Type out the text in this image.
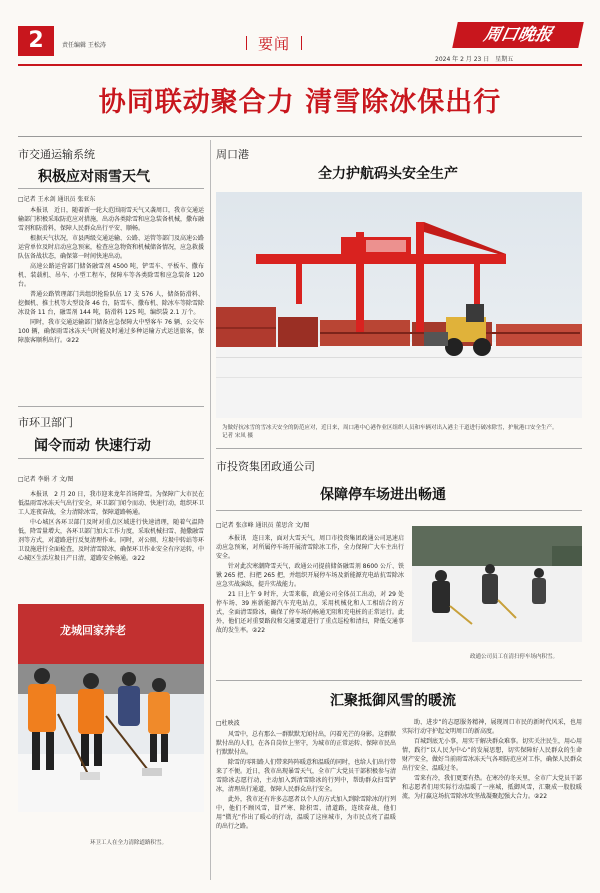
2	责任编辑 王松涛	要闻	周口晚报
2024 年 2 月 23 日　星期五
协同联动聚合力 清雪除冰保出行
市交通运输系统
积极应对雨雪天气
□记者 王永剑 通讯员 张亚东

本报讯　近日，随着新一轮大范围雨雪天气又袭周口，我市交通运输部门积极采取防范应对措施，出动各类除雪和应急装备机械，撒布融雪剂和防滑料，保障人民群众出行平安、顺畅。

根据天气状况，市县两级交通运输、公路、运管等部门及高速公路运营单位及时启动应急预案，检查应急物资和机械储备情况，应急救援队伍备战状态，确保第一时间快速出动。

高速公路运营部门储备融雪剂 4500 吨，铲雪车、平板车、撒布机、装载机、吊车、小型工程车，保障车等各类除雪和应急装备 120 台。

普通公路管理部门共组织抢险队伍 17 支 576 人，储备防滑料、挖掘机、推土机等大型设备 46 台，防雪车、撒布机、除冰车等除雪除冰设备 11 台，融雪剂 144 吨，防滑料 125 吨，编织袋 2.1 万个。

同时，我市交通运输部门储备应急保障大中型客车 76 辆、公交车 100 辆，确保雨雪冰冻天气时能及时通过多种运输方式运送旅客，保障旅客顺利出行。②22

周口港
全力护航码头安全生产
为做好抗冰雪的雪冰天安全的防范应对，近日来，周口港中心港作业区组织人员和车辆对出入港主干道进行破冰除雪，护航港口安全生产。　　　　记者 宋凤 摄
市环卫部门
闻令而动 快速行动
□记者 李娟 才 文/图

本报讯　2 月 20 日，我市迎来龙年首场降雪。为保障广大市民在低温雨雪冰冻天气出行安全，环卫部门闻令而动、快速行动，组织环卫工人连夜奋战，全力清除冰雪，保障道路畅通。

中心城区各环卫部门及时对重点区域进行快速清理，随着气温降低，降雪量增大，各环卫部门加大工作力度，采取机械扫雪、抛撒融雪剂等方式，对道路进行反复清理作业。同时，对公厕、垃圾中转站等环卫设施进行全面检查，及时清雪除冰，确保环卫作业安全有序运转，中心城区生活垃圾日产日清，道路安全畅通。②22

龙城回家养老
环卫工人在全力清除道路积雪。
市投资集团政通公司
保障停车场进出畅通
□记者 张彦峰 通讯员 董思含 文/图

本报讯　连日来，面对大雪天气，周口市投资集团政通公司迅速启动应急预案，对所属停车场开展清雪除冰工作，全力保障广大车主出行安全。

针对此次寒潮降雪天气，政通公司提前储备融雪剂 8600 公斤、铁锹 265 把、扫把 265 把，并组织开展停车场及新能源充电站抗雪除冰应急实战演练，提升实战能力。

21 日上午 9 时许，大雪来临，政通公司全体员工出动，对 29 处停车场、39 座新能源汽车充电站点，采用机械化和人工相结合的方式，全面清雪除冰，确保了停车场的畅通无阻和充电桩的正常运行。此外，他们还对重要路段和交通要道进行了重点巡检和清扫，降低交通事故的发生率。②22

政通公司员工在清扫停车场内积雪。
汇聚抵御风雪的暖流
□杜映波

风雪中，总有那么一群默默无闻付出，闪着光芒的身影。这群默默付出的人们，在各自岗位上坚守，为城市的正常运转、保障市民出行默默付出。

除雪的零阳路人们带来阵阵暖意和温暖的同时，也给人们出行带来了不便。近日，我市出现暴雪天气，全市广大党员干部积极参与清雪除冰志愿行动，主动加入到清雪除冰的行列中，帮助群众扫雪铲冰，清理出行通道，保障人民群众出行安全。

此外，我市还有许多志愿者以个人的方式加入到除雪除冰的行列中，他们不顾风雪，冒严寒、除积雪、清道路，连续奋战，他们用“微光”作出了暖心的行动，温暖了这座城市，为市民点亮了温暖的出行之路。

助、进步”的志愿服务精神，展现周口市民的新时代风采，也用实际行动守护起文明周口的新高度。

百城到底无小事，用实干解决群众难事。切实关注民生，用心用情，践行“以人民为中心”的发展思想，切实保障好人民群众的生命财产安全，做好当前雨雪冰冻天气各项防范应对工作，确保人民群众出行安全、温暖过冬。

雪来有冷，我们更要有热。在寒冷的冬天里，全市广大党员干部和志愿者们用实际行动温暖了一座城，抵御风雪，汇聚成一股股暖流，为打赢这场抗雪除冰攻坚战凝聚起强大合力。②22
